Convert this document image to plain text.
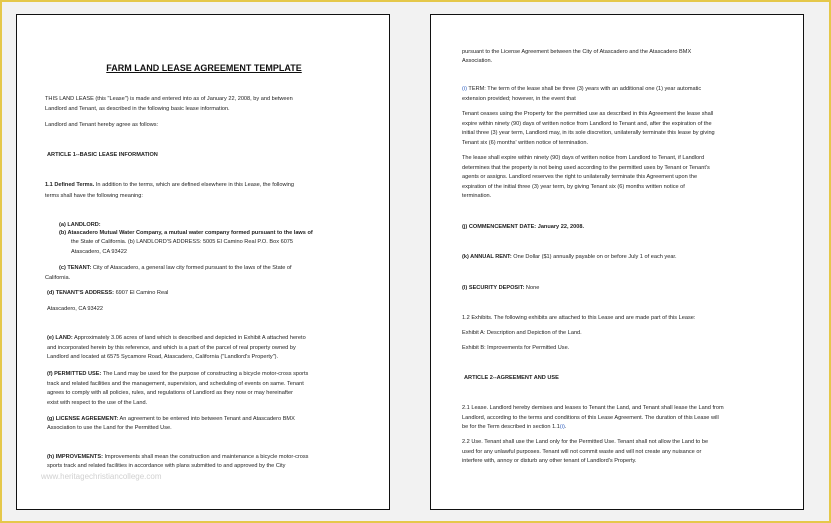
FARM LAND LEASE AGREEMENT TEMPLATE

THIS LAND LEASE (this "Lease") is made and entered into as of January 22, 2008, by and between

Landlord and Tenant, as described in the following basic lease information.

Landlord and Tenant hereby agree as follows:

ARTICLE 1--BASIC LEASE INFORMATION

1.1 Defined Terms. In addition to the terms, which are defined elsewhere in this Lease, the following

terms shall have the following meaning:

(a) LANDLORD:

(b) Atascadero Mutual Water Company, a mutual water company formed pursuant to the laws of

the State of California. (b) LANDLORD'S ADDRESS: 5005 El Camino Real P.O. Box 6075

Atascadero, CA 93422

(c) TENANT: City of Atascadero, a general law city formed pursuant to the laws of the State of

California.

(d) TENANT'S ADDRESS: 6907 El Camino Real

Atascadero, CA 93422

(e) LAND: Approximately 3.06 acres of land which is described and depicted in Exhibit A attached hereto

and incorporated herein by this reference, and which is a part of the parcel of real property owned by

Landlord and located at 6575 Sycamore Road, Atascadero, California ("Landlord's Property").

(f) PERMITTED USE: The Land may be used for the purpose of constructing a bicycle motor-cross sports

track and related facilities and the management, supervision, and scheduling of events on same. Tenant

agrees to comply with all policies, rules, and regulations of Landlord as they now or may hereinafter

exist with respect to the use of the Land.

(g) LICENSE AGREEMENT: An agreement to be entered into between Tenant and Atascadero BMX

Association to use the Land for the Permitted Use.

(h) IMPROVEMENTS: Improvements shall mean the construction and maintenance a bicycle motor-cross

sports track and related facilities in accordance with plans submitted to and approved by the City

www.heritagechristiancollege.com

pursuant to the License Agreement between the City of Atascadero and the Atascadero BMX

Association.

(i) TERM: The term of the lease shall be three (3) years with an additional one (1) year automatic

extension provided; however, in the event that

Tenant ceases using the Property for the permitted use as described in this Agreement the lease shall

expire within ninety (90) days of written notice from Landlord to Tenant and, after the expiration of the

initial three (3) year term, Landlord may, in its sole discretion, unilaterally terminate this lease by giving

Tenant six (6) months' written notice of termination.

The lease shall expire within ninety (90) days of written notice from Landlord to Tenant, if Landlord

determines that the property is not being used according to the permitted uses by Tenant or Tenant's

agents or assigns. Landlord reserves the right to unilaterally terminate this Agreement upon the

expiration of the initial three (3) year term, by giving Tenant six (6) months written notice of

termination.

(j) COMMENCEMENT DATE: January 22, 2008.

(k) ANNUAL RENT: One Dollar ($1) annually payable on or before July 1 of each year.

(l) SECURITY DEPOSIT: None

1.2 Exhibits. The following exhibits are attached to this Lease and are made part of this Lease:

Exhibit A: Description and Depiction of the Land.

Exhibit B: Improvements for Permitted Use.

ARTICLE 2--AGREEMENT AND USE

2.1 Lease. Landlord hereby demises and leases to Tenant the Land, and Tenant shall lease the Land from

Landlord, according to the terms and conditions of this Lease Agreement. The duration of this Lease will

be for the Term described in section 1.1(i).

2.2 Use. Tenant shall use the Land only for the Permitted Use. Tenant shall not allow the Land to be

used for any unlawful purposes. Tenant will not commit waste and will not create any nuisance or

interfere with, annoy or disturb any other tenant of Landlord's Property.
